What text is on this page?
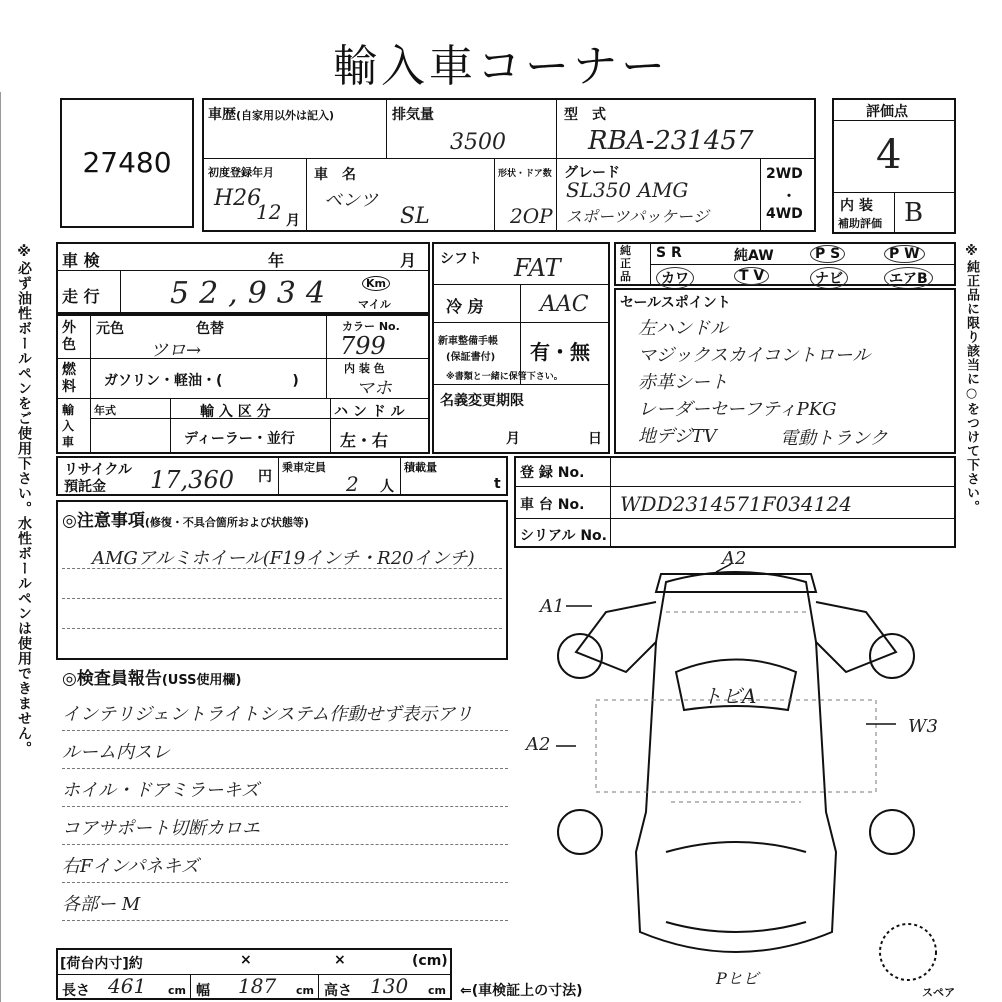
輸入車コーナー
27480
車歴(自家用以外は記入)	排気量
3500
型　式
RBA-231457
初度登録年月
H26
12 月
車　名
ベンツ
SL
形状・ドア数
2OP
グレード
SL350 AMG
スポーツパッケージ
2WD
・
4WD
評価点
4
内 装
補助評価 B
※必ず油性ボールペンをご使用下さい。水性ボールペンは使用できません。 車 検	年	月
走 行 52,934	Km
マイル
外色
元色	色替
ツロ→
カラー No.
799
燃料	ガソリン・軽油・(　　　　　)
内 装 色
マホ
輸入車
年式	輸 入 区 分
ディーラー・並行
ハ ン ド ル
左・右
シフト FAT
冷 房	AAC
新車整備手帳
(保証書付) 有・無
※書類と一緒に保管下さい。
名義変更期限
月	日
純正品
S R	純AW	P S	P W
カワ	T V	ナビ	エアB	※純正品に限り該当に○をつけて下さい。
セールスポイント
左ハンドル
マジックスカイコントロール
赤革シート
レーダーセーフティPKG
地デジTV	電動トランク
リサイクル
預託金 17,360 円
乗車定員
2 人
積載量
t
登 録 No.
車 台 No. WDD2314571F034124
シリアル No.
◎注意事項(修復・不具合箇所および状態等)
AMGアルミホイール(F19インチ・R20インチ)
◎検査員報告(USS使用欄)
インテリジェントライトシステム作動せず表示アリ
ルーム内スレ
ホイル・ドアミラーキズ
コアサポート切断カロエ
右Fインパネキズ
各部ー M
[荷台内寸]約	×	×	(cm)
長さ 461 cm 幅 187 cm 高さ 130 cm ⇐(車検証上の寸法)
A2
A1
A2
W3
トビA
Pヒビ
スペア
